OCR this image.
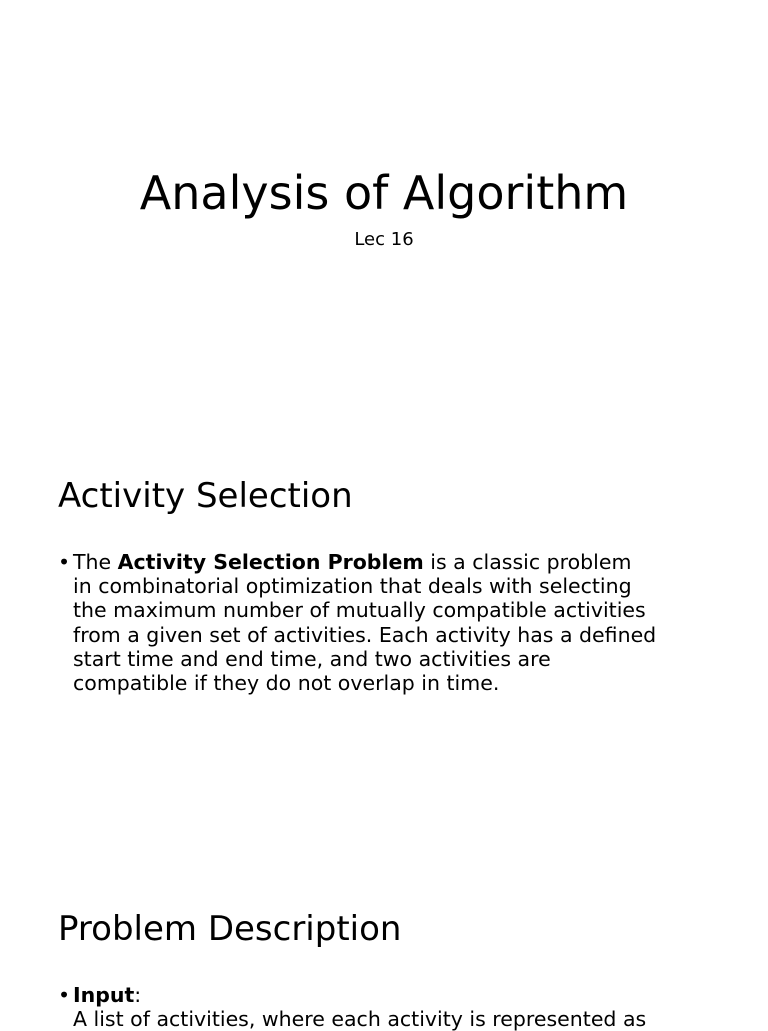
Analysis of Algorithm

Lec 16

Activity Selection
• The Activity Selection Problem is a classic problem
in combinatorial optimization that deals with selecting
the maximum number of mutually compatible activities
from a given set of activities. Each activity has a defined
start time and end time, and two activities are
compatible if they do not overlap in time.
Problem Description
• Input:
A list of activities, where each activity is represented as
